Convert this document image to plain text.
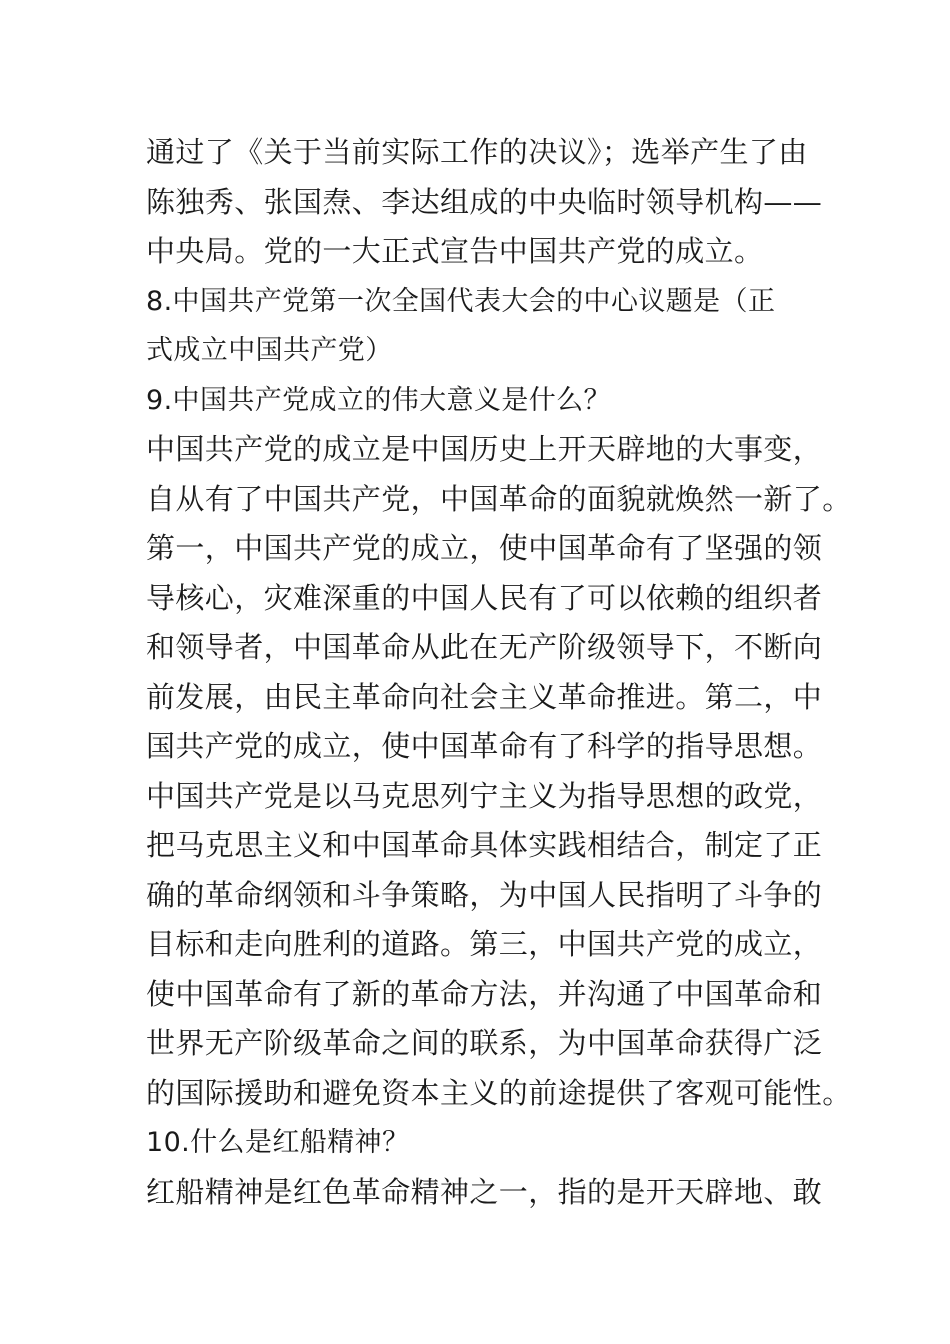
通过了《关于当前实际工作的决议》；选举产生了由
陈独秀、张国焘、李达组成的中央临时领导机构——
中央局。党的一大正式宣告中国共产党的成立。
8.中国共产党第一次全国代表大会的中心议题是（正
式成立中国共产党）
9.中国共产党成立的伟大意义是什么？
中国共产党的成立是中国历史上开天辟地的大事变，
自从有了中国共产党，中国革命的面貌就焕然一新了。
第一，中国共产党的成立，使中国革命有了坚强的领
导核心，灾难深重的中国人民有了可以依赖的组织者
和领导者，中国革命从此在无产阶级领导下，不断向
前发展，由民主革命向社会主义革命推进。第二，中
国共产党的成立，使中国革命有了科学的指导思想。
中国共产党是以马克思列宁主义为指导思想的政党，
把马克思主义和中国革命具体实践相结合，制定了正
确的革命纲领和斗争策略，为中国人民指明了斗争的
目标和走向胜利的道路。第三，中国共产党的成立，
使中国革命有了新的革命方法，并沟通了中国革命和
世界无产阶级革命之间的联系，为中国革命获得广泛
的国际援助和避免资本主义的前途提供了客观可能性。
10.什么是红船精神？
红船精神是红色革命精神之一，指的是开天辟地、敢
